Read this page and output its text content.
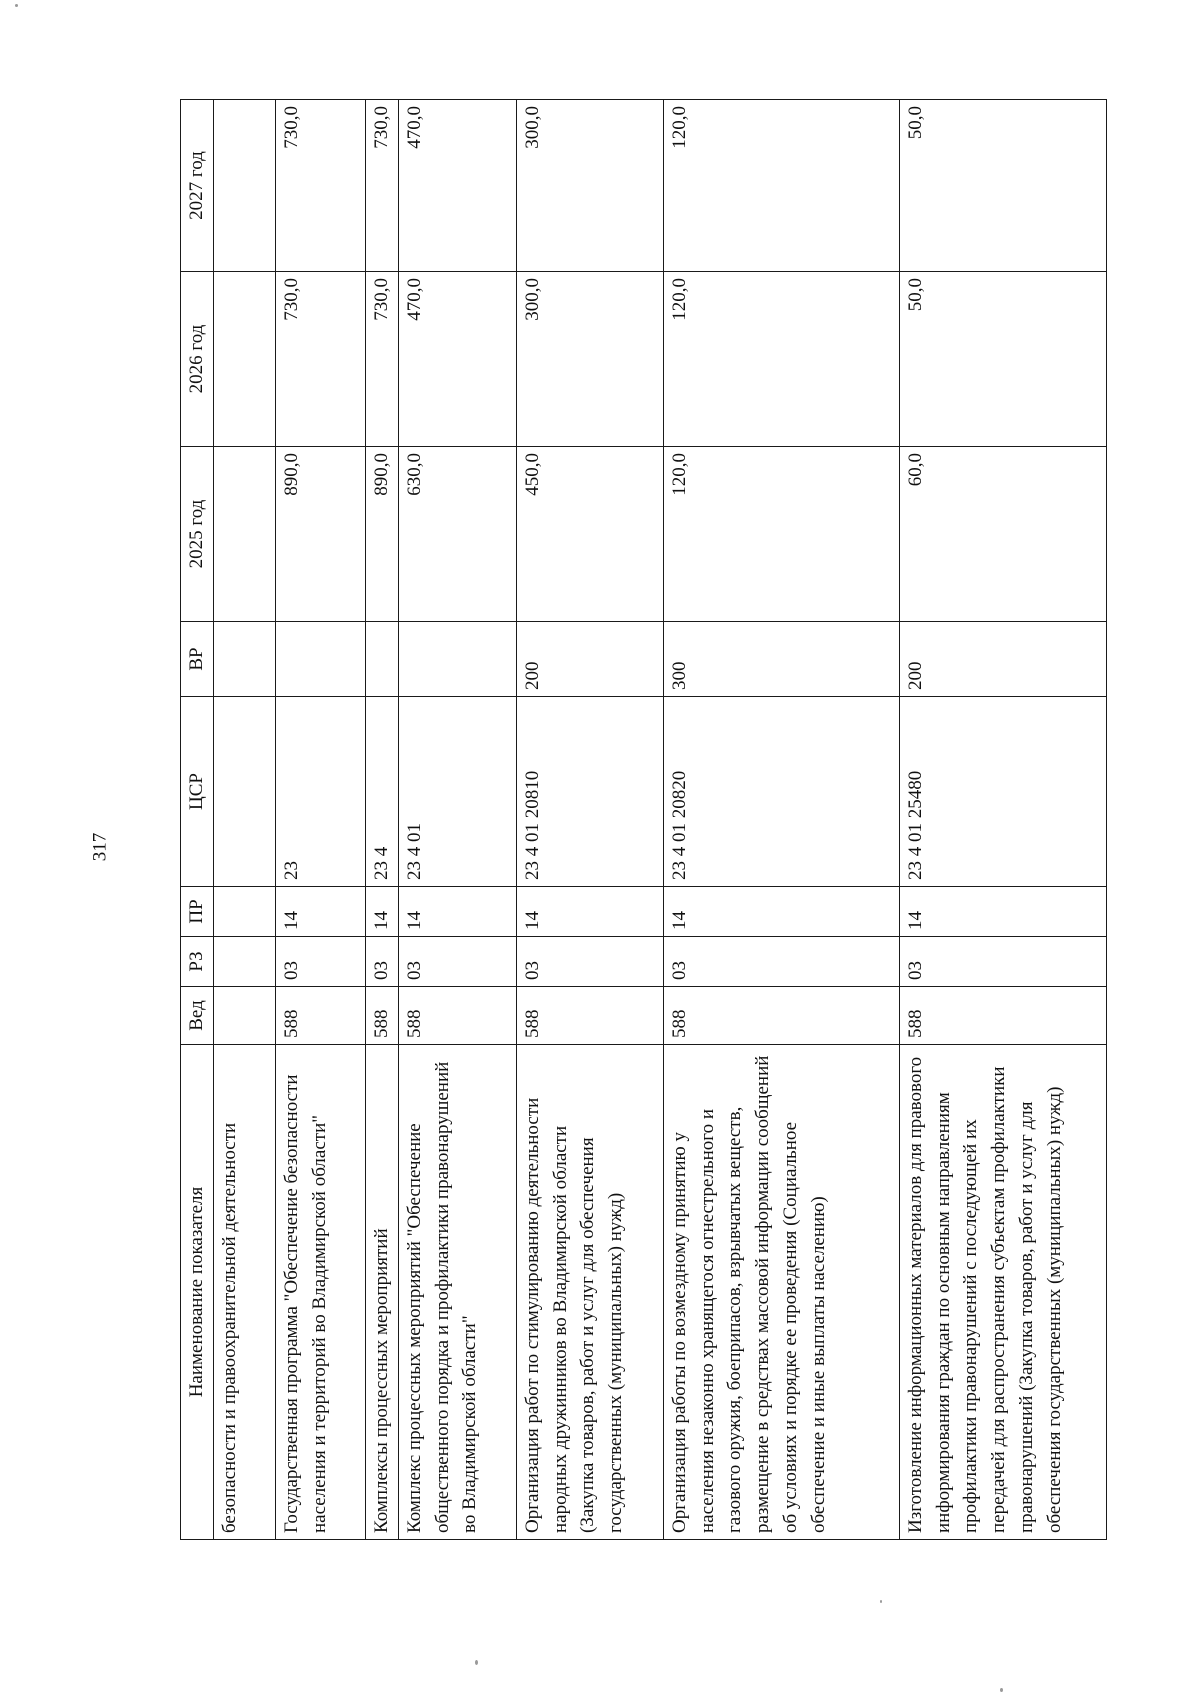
317
Наименование показателя	Вед	РЗ	ПР	ЦСР	ВР	2025 год	2026 год	2027 год
безопасности и правоохранительной деятельности								
Государственная программа "Обеспечение безопасности населения и территорий во Владимирской области"	588	03	14	23		890,0	730,0	730,0
Комплексы процессных мероприятий	588	03	14	23 4		890,0	730,0	730,0
Комплекс процессных мероприятий "Обеспечение общественного порядка и профилактики правонарушений во Владимирской области"	588	03	14	23 4 01		630,0	470,0	470,0
Организация работ по стимулированию деятельности народных дружинников во Владимирской области (Закупка товаров, работ и услуг для обеспечения государственных (муниципальных) нужд)	588	03	14	23 4 01 20810	200	450,0	300,0	300,0
Организация работы по возмездному принятию у населения незаконно хранящегося огнестрельного и газового оружия, боеприпасов, взрывчатых веществ, размещение в средствах массовой информации сообщений об условиях и порядке ее проведения (Социальное обеспечение и иные выплаты населению)	588	03	14	23 4 01 20820	300	120,0	120,0	120,0
Изготовление информационных материалов для правового информирования граждан по основным направлениям профилактики правонарушений с последующей их передачей для распространения субъектам профилактики правонарушений (Закупка товаров, работ и услуг для обеспечения государственных (муниципальных) нужд)	588	03	14	23 4 01 25480	200	60,0	50,0	50,0
